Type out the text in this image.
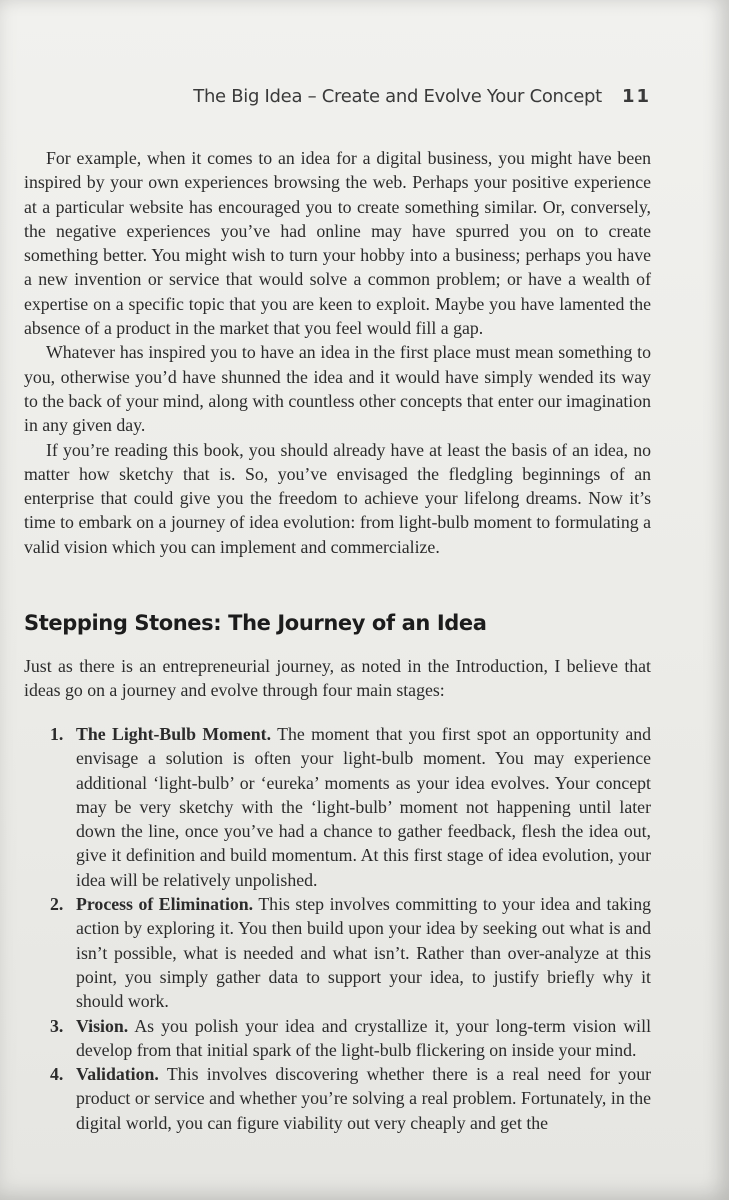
The Big Idea – Create and Evolve Your Concept 11

For example, when it comes to an idea for a digital business, you might have been inspired by your own experiences browsing the web. Perhaps your positive experience at a particular website has encouraged you to create something similar. Or, conversely, the negative experiences you’ve had online may have spurred you on to create something better. You might wish to turn your hobby into a business; perhaps you have a new invention or service that would solve a common problem; or have a wealth of expertise on a specific topic that you are keen to exploit. Maybe you have lamented the absence of a product in the market that you feel would fill a gap.

Whatever has inspired you to have an idea in the first place must mean something to you, otherwise you’d have shunned the idea and it would have simply wended its way to the back of your mind, along with countless other concepts that enter our imagination in any given day.

If you’re reading this book, you should already have at least the basis of an idea, no matter how sketchy that is. So, you’ve envisaged the fledgling beginnings of an enterprise that could give you the freedom to achieve your lifelong dreams. Now it’s time to embark on a journey of idea evolution: from light-bulb moment to formulating a valid vision which you can implement and commercialize.

Stepping Stones: The Journey of an Idea

Just as there is an entrepreneurial journey, as noted in the Introduction, I believe that ideas go on a journey and evolve through four main stages:

1. The Light-Bulb Moment. The moment that you first spot an opportunity and envisage a solution is often your light-bulb moment. You may experience additional ‘light-bulb’ or ‘eureka’ moments as your idea evolves. Your concept may be very sketchy with the ‘light-bulb’ moment not happening until later down the line, once you’ve had a chance to gather feedback, flesh the idea out, give it definition and build momentum. At this first stage of idea evolution, your idea will be relatively unpolished.
2. Process of Elimination. This step involves committing to your idea and taking action by exploring it. You then build upon your idea by seeking out what is and isn’t possible, what is needed and what isn’t. Rather than over-analyze at this point, you simply gather data to support your idea, to justify briefly why it should work.
3. Vision. As you polish your idea and crystallize it, your long-term vision will develop from that initial spark of the light-bulb flickering on inside your mind.
4. Validation. This involves discovering whether there is a real need for your product or service and whether you’re solving a real problem. Fortunately, in the digital world, you can figure viability out very cheaply and get the
